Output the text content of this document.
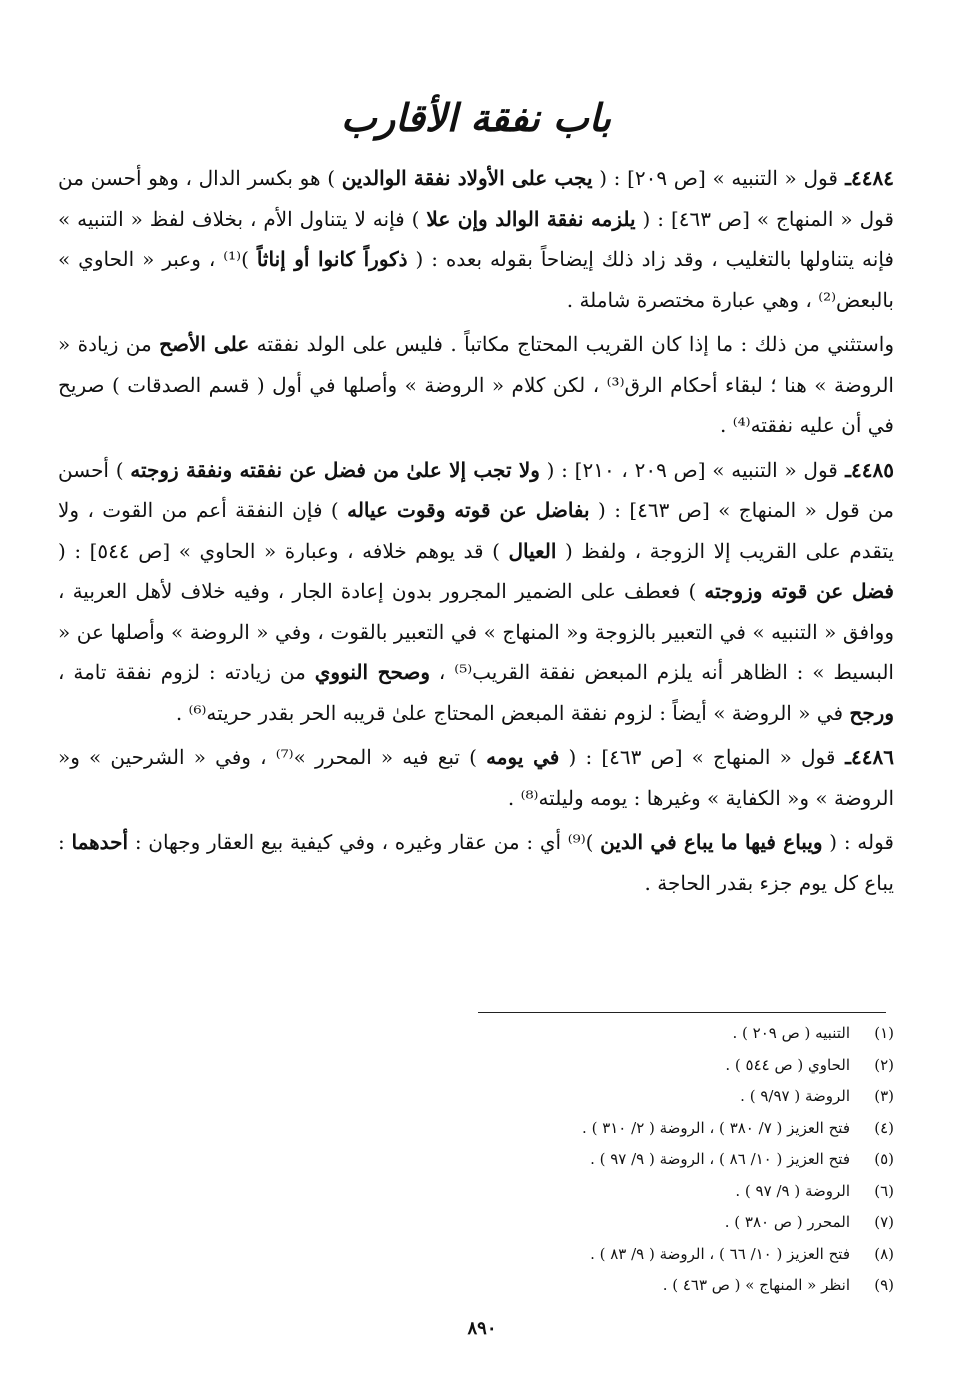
باب نفقة الأقارب

٤٤٨٤ـ قول « التنبيه » [ص ٢٠٩] : ( يجب على الأولاد نفقة الوالدين ) هو بكسر الدال ، وهو أحسن من قول « المنهاج » [ص ٤٦٣] : ( يلزمه نفقة الوالد وإن علا ) فإنه لا يتناول الأم ، بخلاف لفظ « التنبيه » فإنه يتناولها بالتغليب ، وقد زاد ذلك إيضاحاً بقوله بعده : ( ذكوراً كانوا أو إناثاً )⁽¹⁾ ، وعبر « الحاوي » بالبعض⁽²⁾ ، وهي عبارة مختصرة شاملة .

واستثني من ذلك : ما إذا كان القريب المحتاج مكاتباً . فليس على الولد نفقته على الأصح من زيادة « الروضة » هنا ؛ لبقاء أحكام الرق⁽³⁾ ، لكن كلام « الروضة » وأصلها في أول ( قسم الصدقات ) صريح في أن عليه نفقته⁽⁴⁾ .

٤٤٨٥ـ قول « التنبيه » [ص ٢٠٩ ، ٢١٠] : ( ولا تجب إلا علىٰ من فضل عن نفقته ونفقة زوجته ) أحسن من قول « المنهاج » [ص ٤٦٣] : ( بفاضل عن قوته وقوت عياله ) فإن النفقة أعم من القوت ، ولا يتقدم على القريب إلا الزوجة ، ولفظ ( العيال ) قد يوهم خلافه ، وعبارة « الحاوي » [ص ٥٤٤] : ( فضل عن قوته وزوجته ) فعطف على الضمير المجرور بدون إعادة الجار ، وفيه خلاف لأهل العربية ، ووافق « التنبيه » في التعبير بالزوجة و« المنهاج » في التعبير بالقوت ، وفي « الروضة » وأصلها عن « البسيط » : الظاهر أنه يلزم المبعض نفقة القريب⁽⁵⁾ ، وصحح النووي من زيادته : لزوم نفقة تامة ، ورجح في « الروضة » أيضاً : لزوم نفقة المبعض المحتاج علىٰ قريبه الحر بقدر حريته⁽⁶⁾ .

٤٤٨٦ـ قول « المنهاج » [ص ٤٦٣] : ( في يومه ) تبع فيه « المحرر »⁽⁷⁾ ، وفي « الشرحين » و« الروضة » و« الكفاية » وغيرها : يومه وليلته⁽⁸⁾ .

قوله : ( ويباع فيها ما يباع في الدين )⁽⁹⁾ أي : من عقار وغيره ، وفي كيفية بيع العقار وجهان : أحدهما : يباع كل يوم جزء بقدر الحاجة .

(١)التنبيه ( ص ٢٠٩ ) .
(٢)الحاوي ( ص ٥٤٤ ) .
(٣)الروضة ( ٩/٩٧ ) .
(٤)فتح العزيز ( ٧/ ٣٨٠ ) ، الروضة ( ٢/ ٣١٠ ) .
(٥)فتح العزيز ( ١٠/ ٨٦ ) ، الروضة ( ٩/ ٩٧ ) .
(٦)الروضة ( ٩/ ٩٧ ) .
(٧)المحرر ( ص ٣٨٠ ) .
(٨)فتح العزيز ( ١٠/ ٦٦ ) ، الروضة ( ٩/ ٨٣ ) .
(٩)انظر « المنهاج » ( ص ٤٦٣ ) .
٨٩٠
